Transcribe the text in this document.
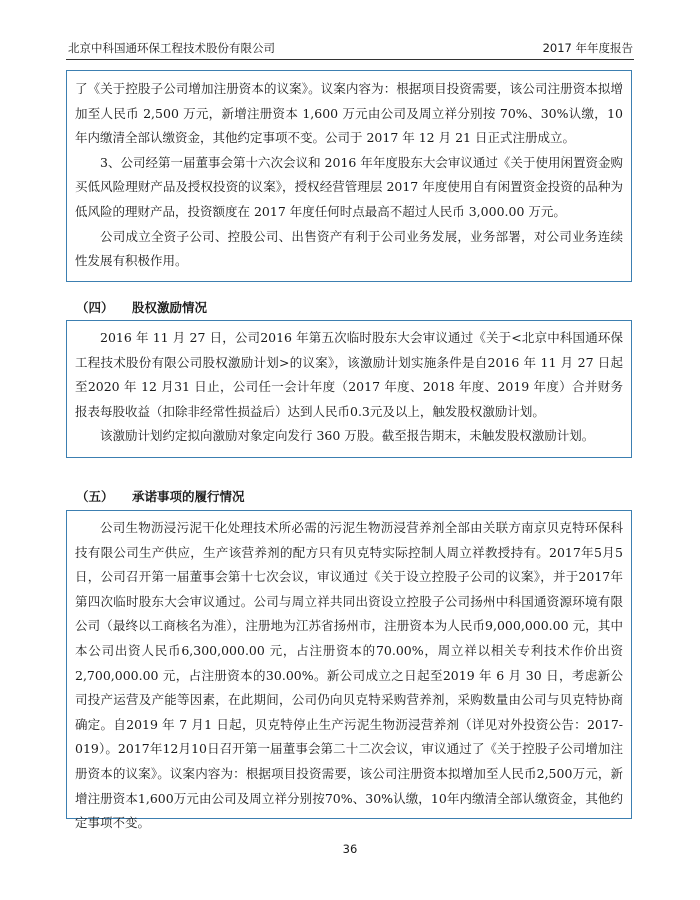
北京中科国通环保工程技术股份有限公司	2017 年年度报告

了《关于控股子公司增加注册资本的议案》。议案内容为：根据项目投资需要，该公司注册资本拟增加至人民币 2,500 万元，新增注册资本 1,600 万元由公司及周立祥分别按 70%、30%认缴，10 年内缴清全部认缴资金，其他约定事项不变。公司于 2017 年 12 月 21 日正式注册成立。

3、公司经第一届董事会第十六次会议和 2016 年年度股东大会审议通过《关于使用闲置资金购买低风险理财产品及授权投资的议案》，授权经营管理层 2017 年度使用自有闲置资金投资的品种为低风险的理财产品，投资额度在 2017 年度任何时点最高不超过人民币 3,000.00 万元。

公司成立全资子公司、控股公司、出售资产有利于公司业务发展，业务部署，对公司业务连续性发展有积极作用。

（四） 股权激励情况

2016 年 11 月 27 日，公司2016 年第五次临时股东大会审议通过《关于<北京中科国通环保工程技术股份有限公司股权激励计划>的议案》，该激励计划实施条件是自2016 年 11 月 27 日起至2020 年 12 月31 日止，公司任一会计年度（2017 年度、2018 年度、2019 年度）合并财务报表每股收益（扣除非经常性损益后）达到人民币0.3元及以上，触发股权激励计划。

该激励计划约定拟向激励对象定向发行 360 万股。截至报告期末，未触发股权激励计划。

（五） 承诺事项的履行情况

公司生物沥浸污泥干化处理技术所必需的污泥生物沥浸营养剂全部由关联方南京贝克特环保科技有限公司生产供应，生产该营养剂的配方只有贝克特实际控制人周立祥教授持有。2017年5月5日，公司召开第一届董事会第十七次会议，审议通过《关于设立控股子公司的议案》，并于2017年第四次临时股东大会审议通过。公司与周立祥共同出资设立控股子公司扬州中科国通资源环境有限公司（最终以工商核名为准），注册地为江苏省扬州市，注册资本为人民币9,000,000.00 元，其中本公司出资人民币6,300,000.00 元，占注册资本的70.00%，周立祥以相关专利技术作价出资2,700,000.00 元，占注册资本的30.00%。新公司成立之日起至2019 年 6 月 30 日，考虑新公司投产运营及产能等因素，在此期间，公司仍向贝克特采购营养剂，采购数量由公司与贝克特协商确定。自2019 年 7 月1 日起，贝克特停止生产污泥生物沥浸营养剂（详见对外投资公告：2017-019）。2017年12月10日召开第一届董事会第二十二次会议，审议通过了《关于控股子公司增加注册资本的议案》。议案内容为：根据项目投资需要，该公司注册资本拟增加至人民币2,500万元，新增注册资本1,600万元由公司及周立祥分别按70%、30%认缴，10年内缴清全部认缴资金，其他约定事项不变。

36
